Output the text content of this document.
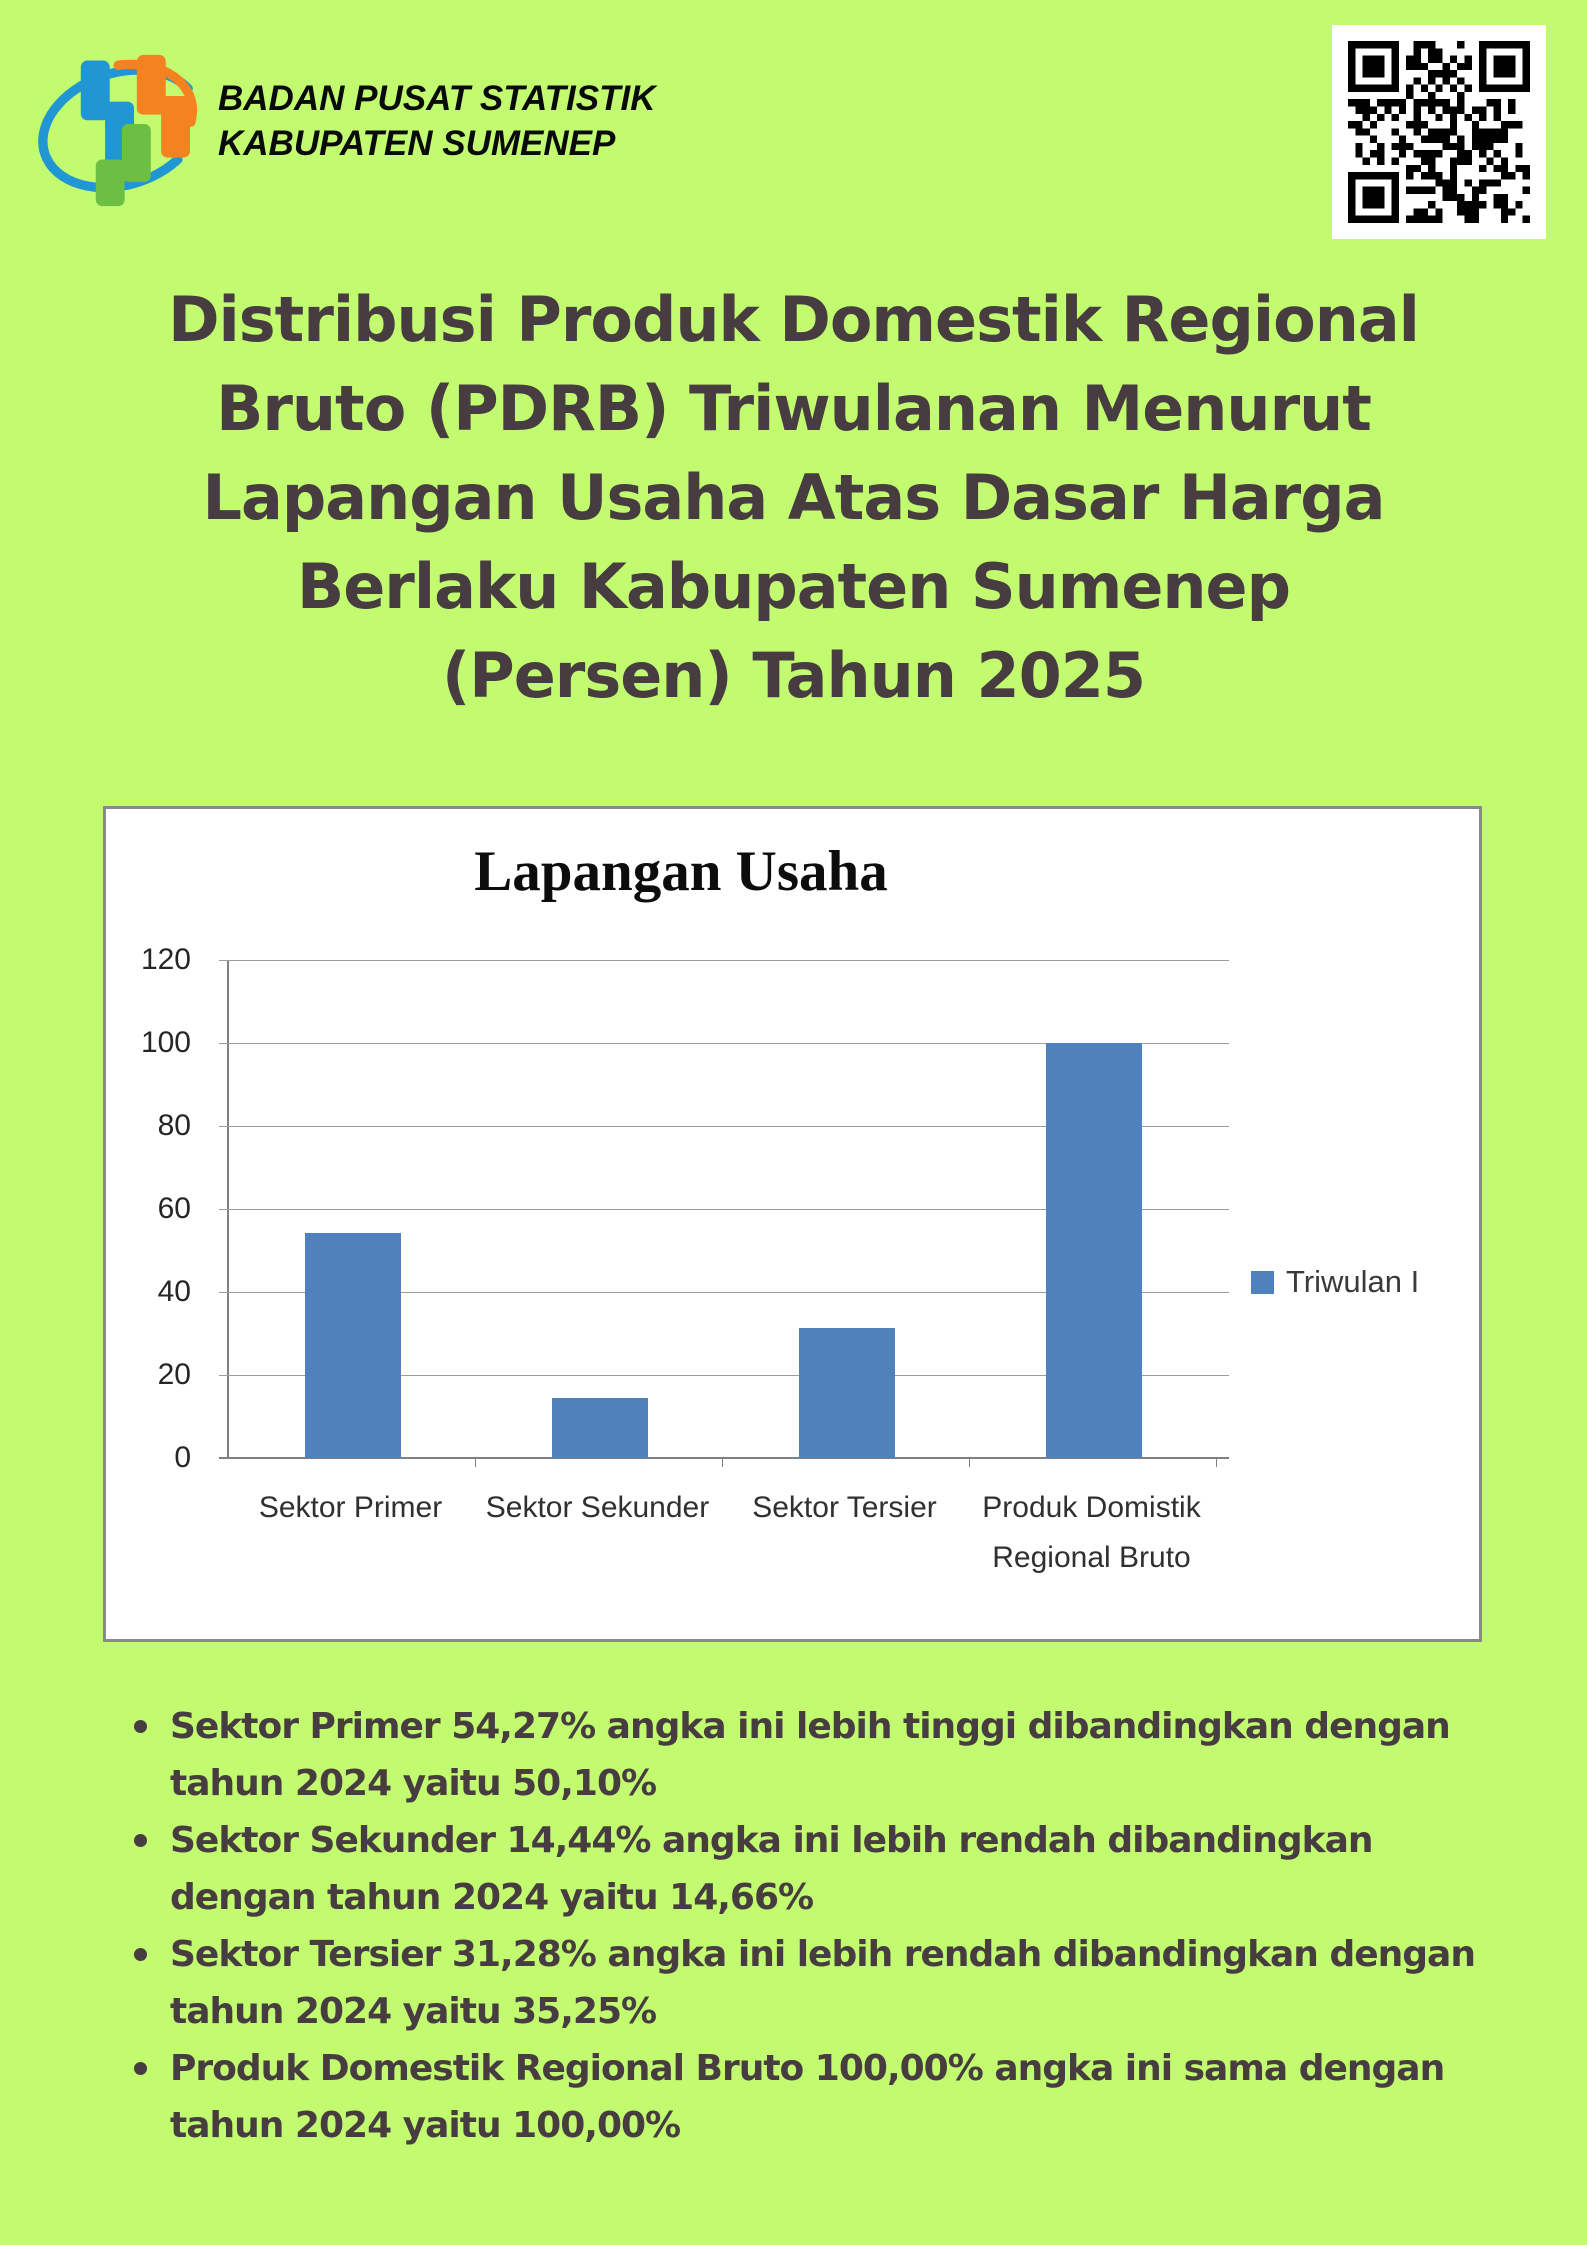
BADAN PUSAT STATISTIK
KABUPATEN SUMENEP
Distribusi Produk Domestik Regional
Bruto (PDRB) Triwulanan Menurut
Lapangan Usaha Atas Dasar Harga
Berlaku Kabupaten Sumenep
(Persen) Tahun 2025
Lapangan Usaha
0
20
40
60
80
100
120
Sektor Primer	Sektor Sekunder	Sektor Tersier	Produk Domistik Regional Bruto
Triwulan I
Sektor Primer 54,27% angka ini lebih tinggi dibandingkan dengan tahun 2024 yaitu 50,10%
Sektor Sekunder 14,44% angka ini lebih rendah dibandingkan dengan tahun 2024 yaitu 14,66%
Sektor Tersier 31,28% angka ini lebih rendah dibandingkan dengan tahun 2024 yaitu 35,25%
Produk Domestik Regional Bruto 100,00% angka ini sama dengan tahun 2024 yaitu 100,00%
